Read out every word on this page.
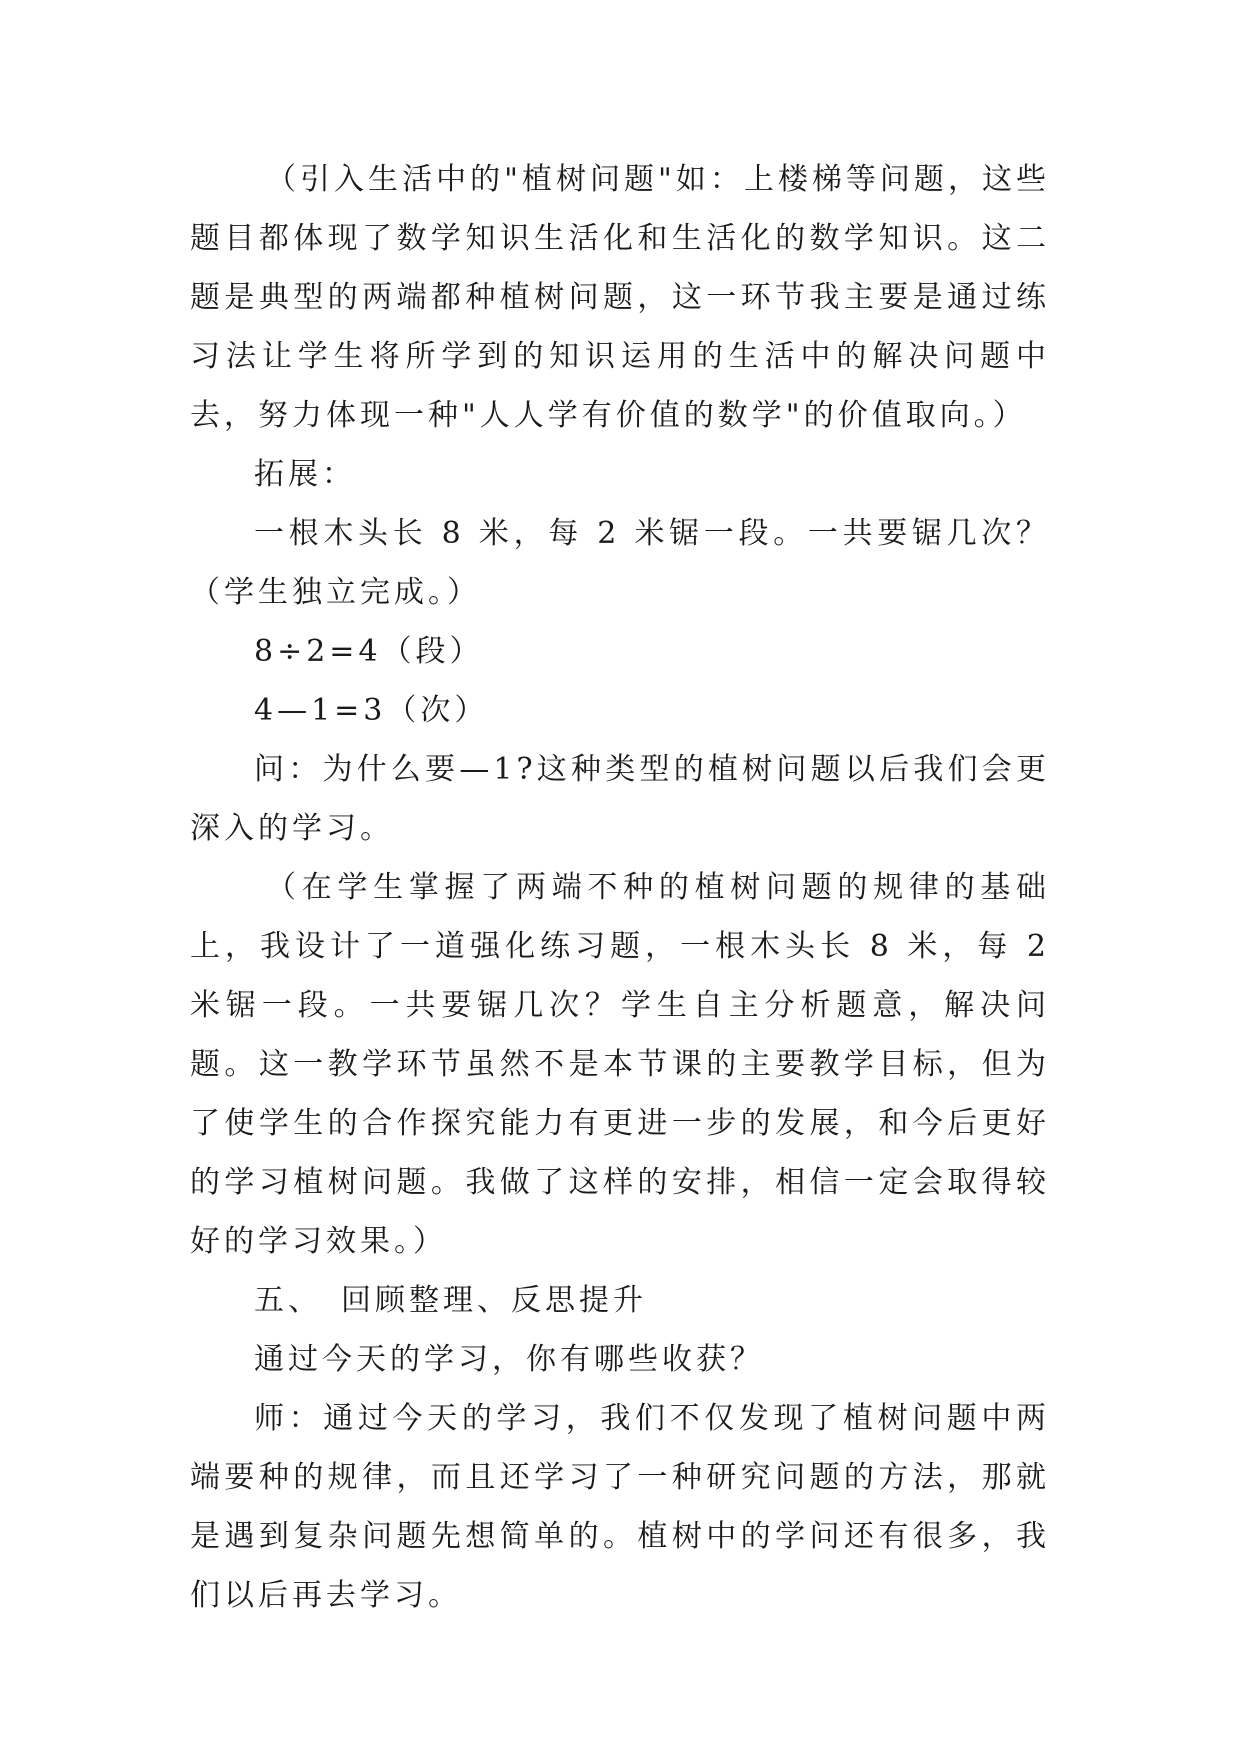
（引入生活中的"植树问题"如：上楼梯等问题，这些题目都体现了数学知识生活化和生活化的数学知识。这二题是典型的两端都种植树问题，这一环节我主要是通过练习法让学生将所学到的知识运用的生活中的解决问题中去，努力体现一种"人人学有价值的数学"的价值取向。）

拓展：

一根木头长 8 米，每 2 米锯一段。一共要锯几次？（学生独立完成。）

8÷2=4（段）

4—1=3（次）

问：为什么要—1?这种类型的植树问题以后我们会更深入的学习。

（在学生掌握了两端不种的植树问题的规律的基础上，我设计了一道强化练习题，一根木头长 8 米，每 2 米锯一段。一共要锯几次？学生自主分析题意，解决问题。这一教学环节虽然不是本节课的主要教学目标，但为了使学生的合作探究能力有更进一步的发展，和今后更好的学习植树问题。我做了这样的安排，相信一定会取得较好的学习效果。）

五、　回顾整理、反思提升

通过今天的学习，你有哪些收获？

师：通过今天的学习，我们不仅发现了植树问题中两端要种的规律，而且还学习了一种研究问题的方法，那就是遇到复杂问题先想简单的。植树中的学问还有很多，我们以后再去学习。
